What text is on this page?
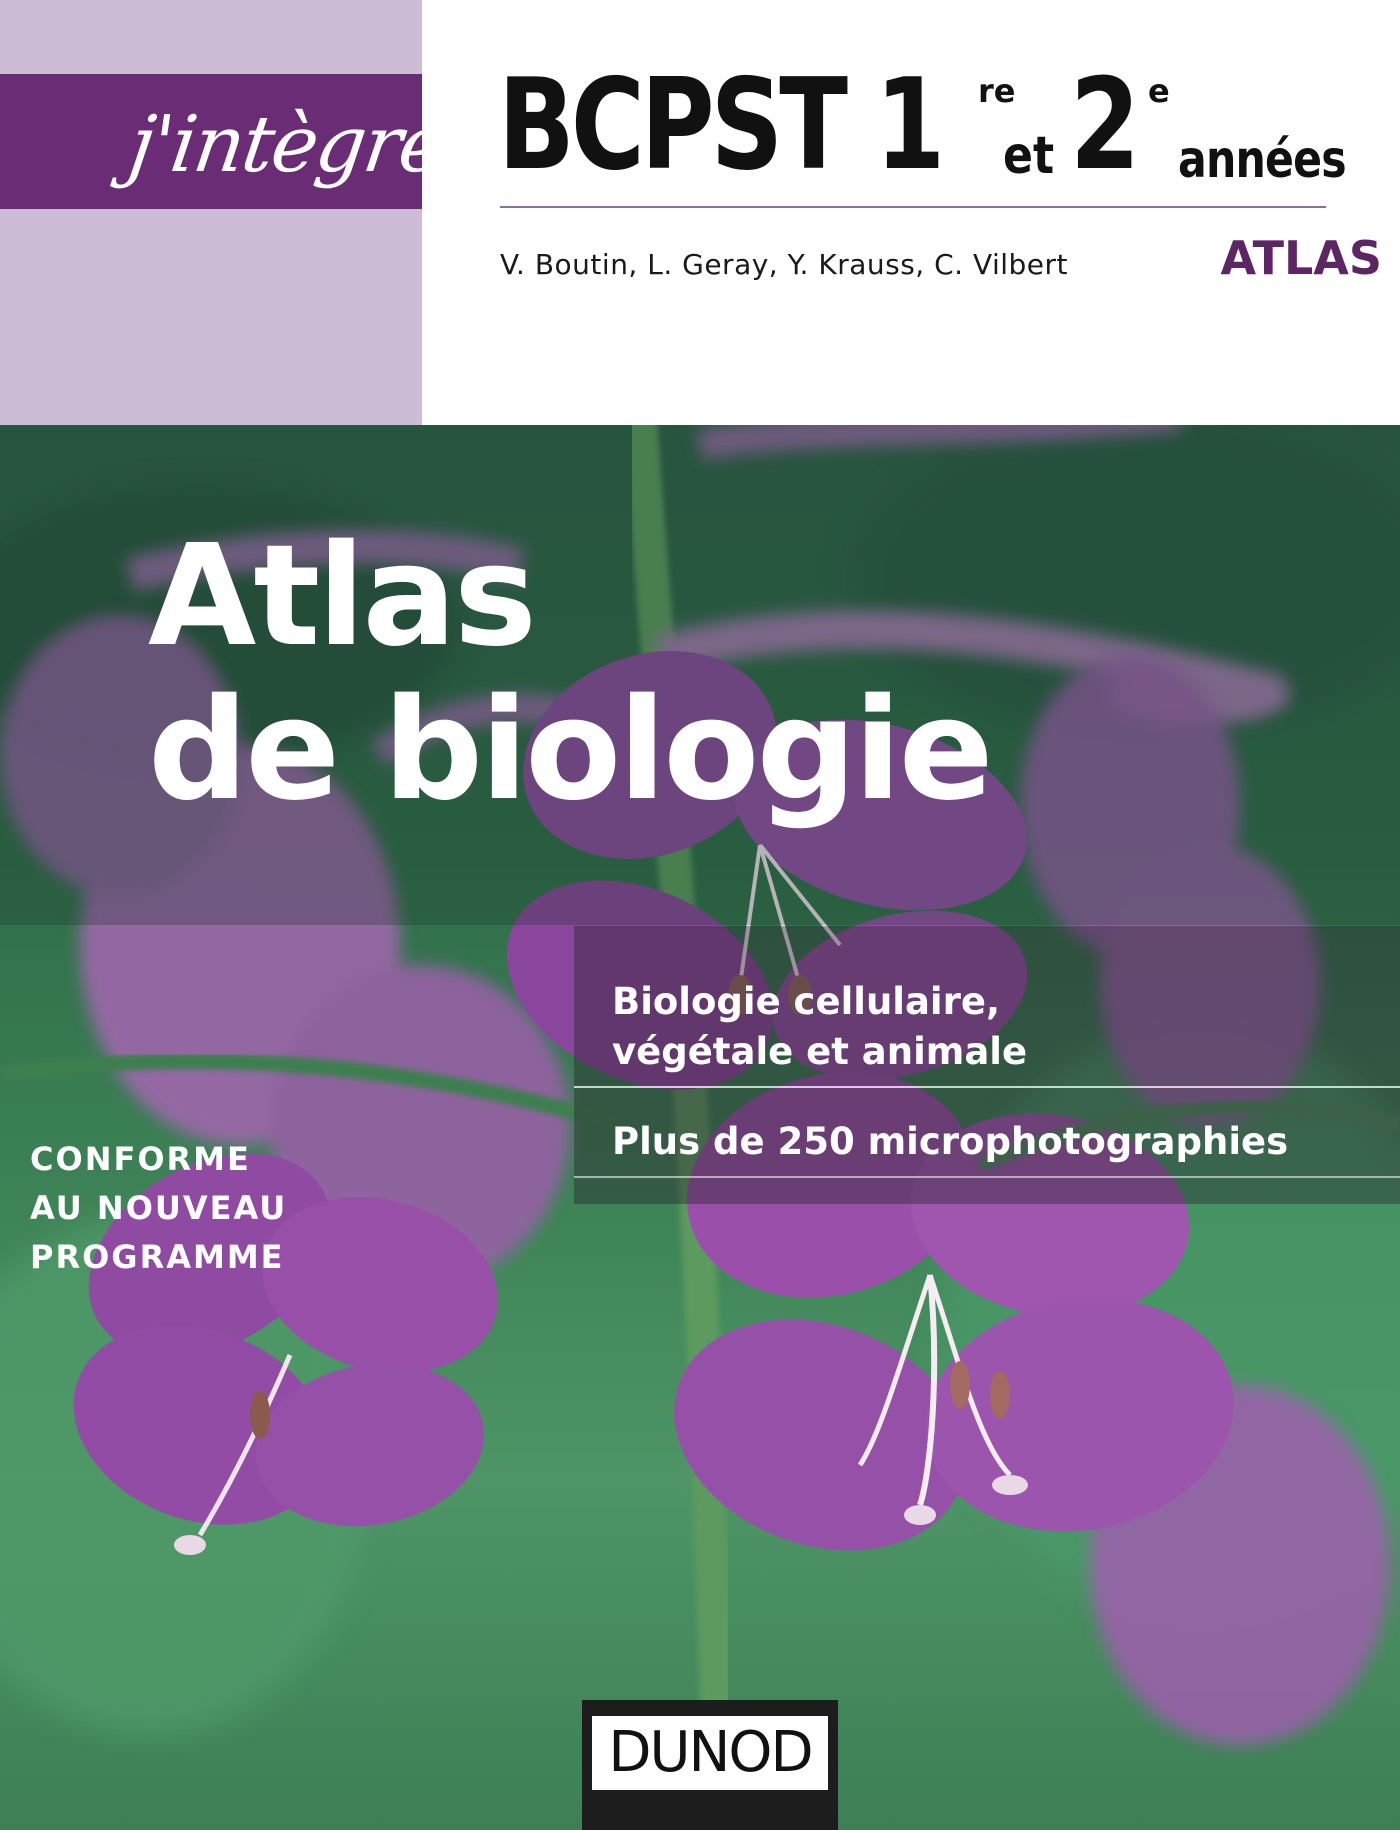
j'intègre
ATLAS
BCPST 1 re
et 2 e
années
V. Boutin, L. Geray, Y. Krauss, C. Vilbert
Atlas
de biologie
Biologie cellulaire,
végétale et animale
Plus de 250 microphotographies
CONFORME
AU NOUVEAU
PROGRAMME
DUNOD
